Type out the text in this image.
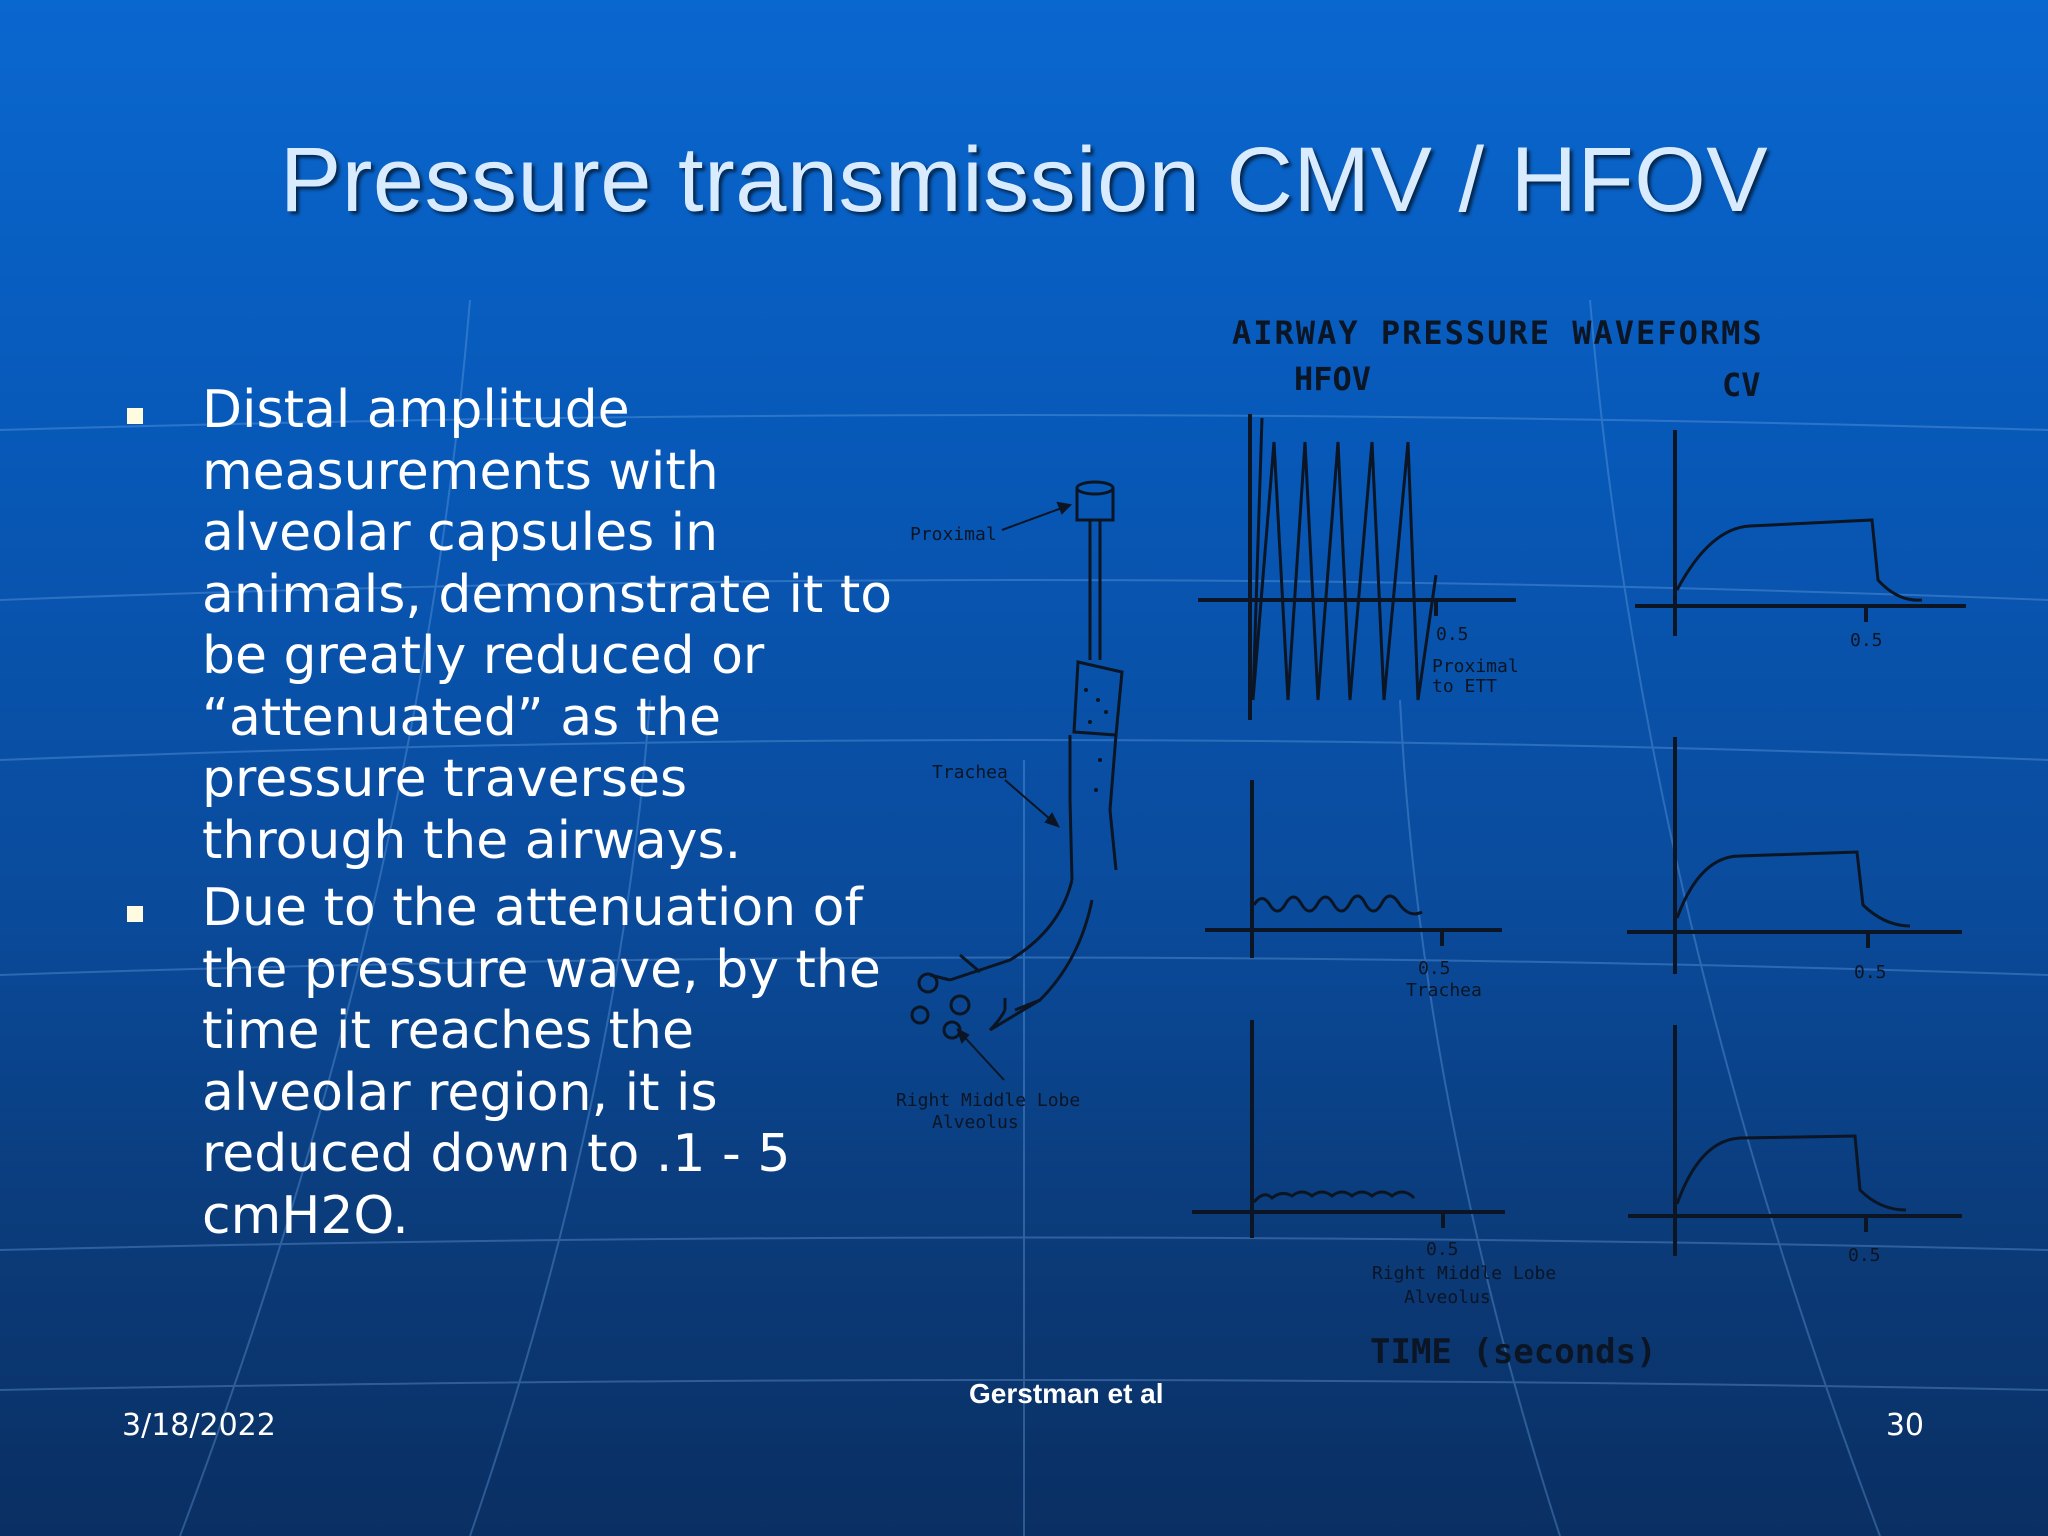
Pressure transmission CMV / HFOV
Distal amplitude measurements with alveolar capsules in animals, demonstrate it to be greatly reduced or “attenuated” as the pressure traverses through the airways.
Due to the attenuation of the pressure wave, by the time it reaches the alveolar region, it is reduced down to .1 - 5 cmH2O.
AIRWAY PRESSURE WAVEFORMS
HFOV	CV
Proximal
Trachea
Right Middle Lobe
Alveolus
0.5
Proximal
to ETT
0.5
0.5
Trachea
0.5
0.5
Right Middle Lobe
Alveolus
0.5
TIME (seconds)
3/18/2022
Gerstman et al
30
